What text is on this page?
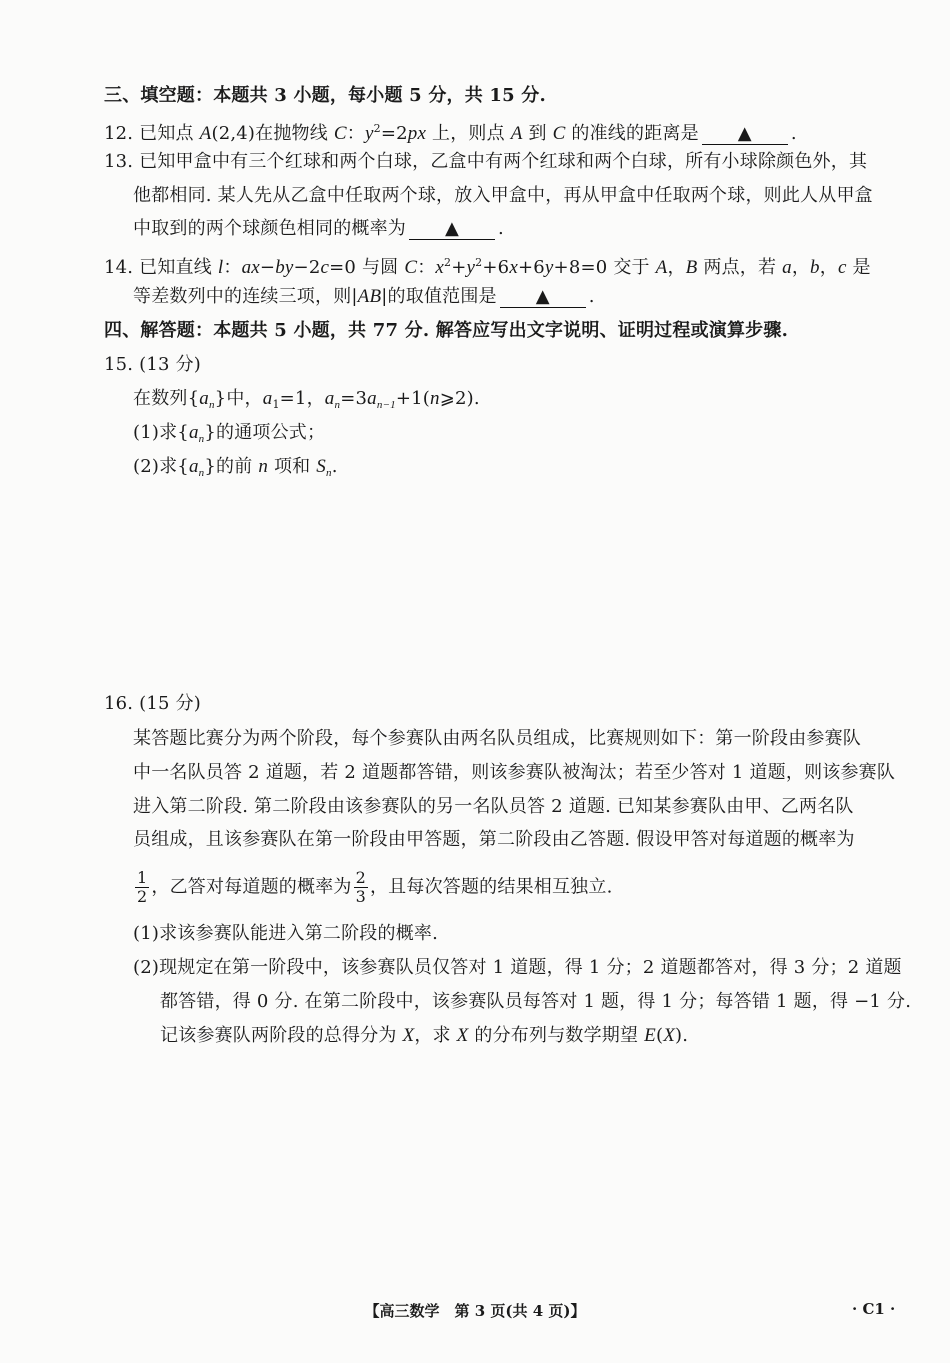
三、填空题：本题共 3 小题，每小题 5 分，共 15 分.
12. 已知点 A(2,4)在抛物线 C：$y^2=2px$ 上，则点 A 到 C 的准线的距离是 ▲ .
13. 已知甲盒中有三个红球和两个白球，乙盒中有两个红球和两个白球，所有小球除颜色外，其
他都相同. 某人先从乙盒中任取两个球，放入甲盒中，再从甲盒中任取两个球，则此人从甲盒
中取到的两个球颜色相同的概率为 ▲ .
14. 已知直线 l：ax−by−2c=0 与圆 C：$x^2+y^2+6x+6y+8=0$ 交于 A，B 两点，若 a，b，c 是
等差数列中的连续三项，则|AB|的取值范围是 ▲ .
四、解答题：本题共 5 小题，共 77 分. 解答应写出文字说明、证明过程或演算步骤.
15. (13 分)
在数列$\{a_n\}$中，$a_1=1$，$a_n=3a_{n-1}+1(n⩾2)$.
(1)求$\{a_n\}$的通项公式；
(2)求$\{a_n\}$的前 n 项和 $S_n$.
16. (15 分)
某答题比赛分为两个阶段，每个参赛队由两名队员组成，比赛规则如下：第一阶段由参赛队
中一名队员答 2 道题，若 2 道题都答错，则该参赛队被淘汰；若至少答对 1 道题，则该参赛队
进入第二阶段. 第二阶段由该参赛队的另一名队员答 2 道题. 已知某参赛队由甲、乙两名队
员组成，且该参赛队在第一阶段由甲答题，第二阶段由乙答题. 假设甲答对每道题的概率为
$\frac{1}{2}$ ，乙答对每道题的概率为 $\frac{2}{3}$ ，且每次答题的结果相互独立.
(1)求该参赛队能进入第二阶段的概率.
(2)现规定在第一阶段中，该参赛队员仅答对 1 道题，得 1 分；2 道题都答对，得 3 分；2 道题
都答错，得 0 分. 在第二阶段中，该参赛队员每答对 1 题，得 1 分；每答错 1 题，得 −1 分.
记该参赛队两阶段的总得分为 X，求 X 的分布列与数学期望 E(X).
【高三数学　第 3 页(共 4 页)】	· C1 ·
